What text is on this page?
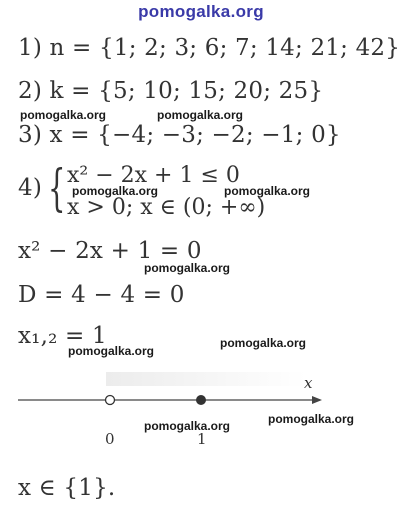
pomogalka.org
1) n = {1; 2; 3; 6; 7; 14; 21; 42}
2) k = {5; 10; 15; 20; 25}
3) x = {−4; −3; −2; −1; 0}
4) { x² − 2x + 1 ≤ 0
x > 0; x ∈ (0; +∞)
x² − 2x + 1 = 0
D = 4 − 4 = 0
x₁,₂ = 1
x
0	1
x ∈ {1}.
pomogalka.org	pomogalka.org
pomogalka.org	pomogalka.org
pomogalka.org
pomogalka.org
pomogalka.org
pomogalka.org
pomogalka.org
